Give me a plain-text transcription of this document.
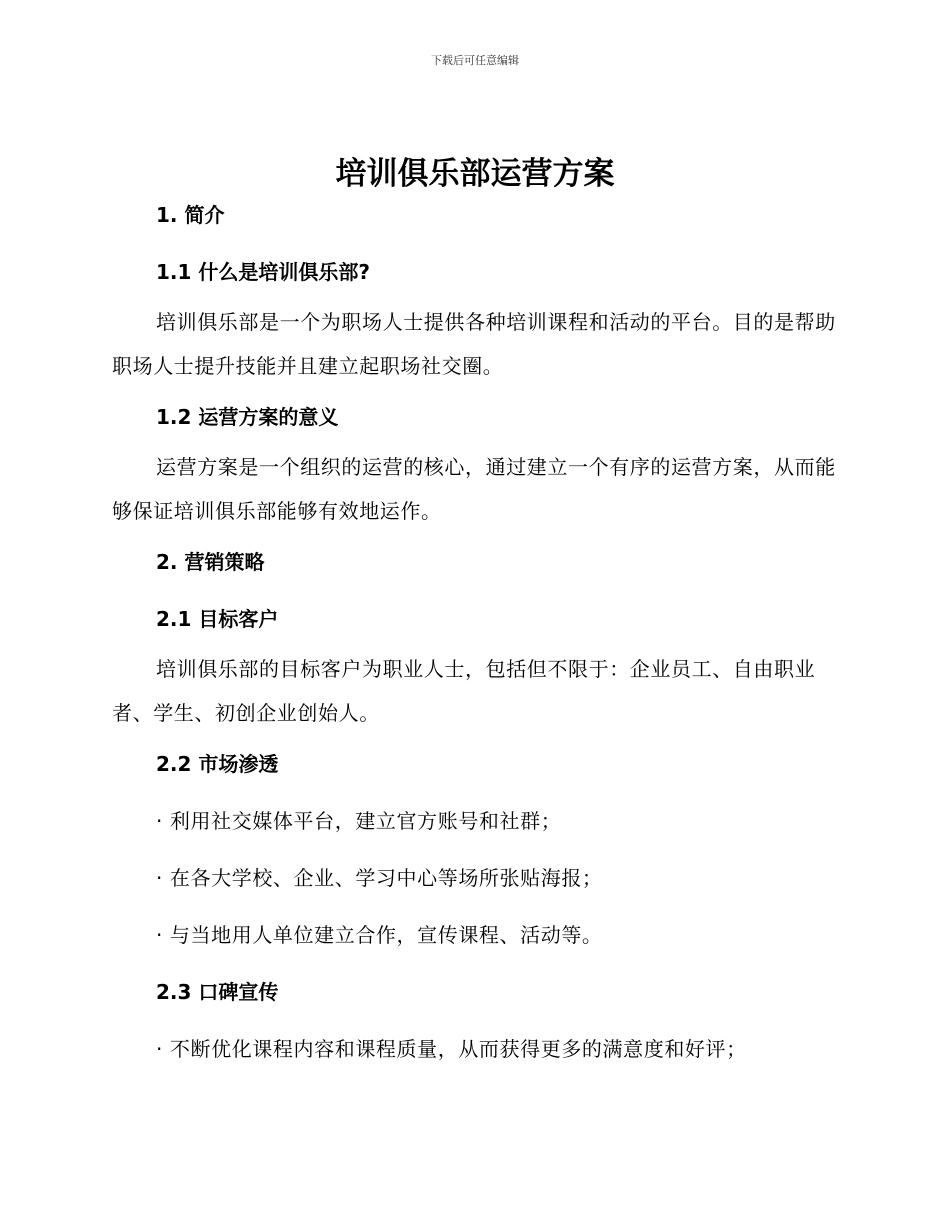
下载后可任意编辑
培训俱乐部运营方案
1. 简介
1.1 什么是培训俱乐部?

培训俱乐部是一个为职场人士提供各种培训课程和活动的平台。目的是帮助职场人士提升技能并且建立起职场社交圈。

1.2 运营方案的意义

运营方案是一个组织的运营的核心，通过建立一个有序的运营方案，从而能够保证培训俱乐部能够有效地运作。

2. 营销策略
2.1 目标客户

培训俱乐部的目标客户为职业人士，包括但不限于：企业员工、自由职业者、学生、初创企业创始人。

2.2 市场渗透

· 利用社交媒体平台，建立官方账号和社群；

· 在各大学校、企业、学习中心等场所张贴海报；

· 与当地用人单位建立合作，宣传课程、活动等。

2.3 口碑宣传

· 不断优化课程内容和课程质量，从而获得更多的满意度和好评；
